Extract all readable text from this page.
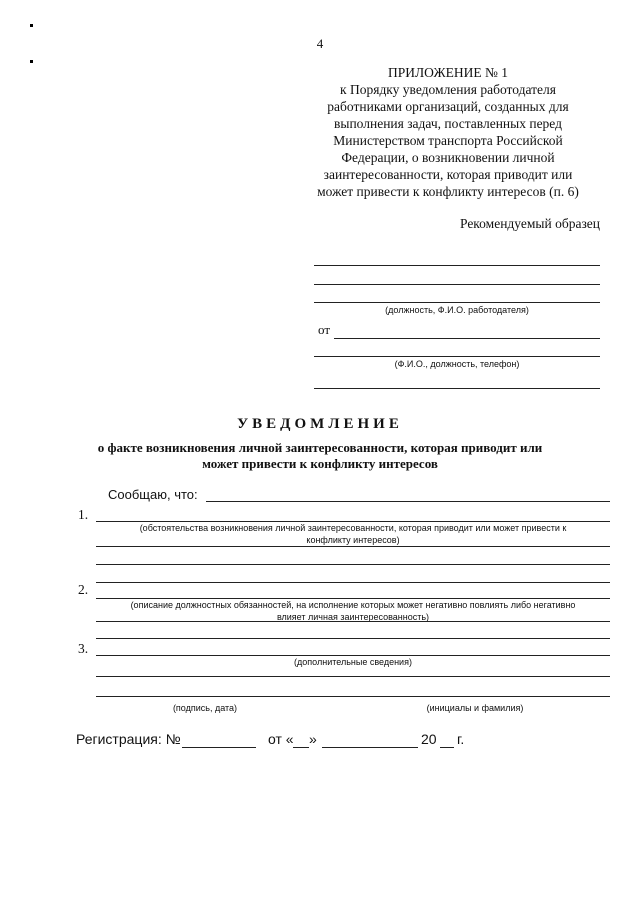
4
ПРИЛОЖЕНИЕ № 1
к Порядку уведомления работодателя
работниками организаций, созданных для
выполнения задач, поставленных перед
Министерством транспорта Российской
Федерации, о возникновении личной
заинтересованности, которая приводит или
может привести к конфликту интересов (п. 6)
Рекомендуемый образец
(должность, Ф.И.О. работодателя)
от
(Ф.И.О., должность, телефон)
УВЕДОМЛЕНИЕ
о факте возникновения личной заинтересованности, которая приводит или
может привести к конфликту интересов
Сообщаю, что:
1.
(обстоятельства возникновения личной заинтересованности, которая приводит или может привести к
конфликту интересов)
2.
(описание должностных обязанностей, на исполнение которых может негативно повлиять либо негативно
влияет личная заинтересованность)
3.
(дополнительные сведения)
(подпись, дата)	(инициалы и фамилия)
Регистрация: №	от « »	20 г.
